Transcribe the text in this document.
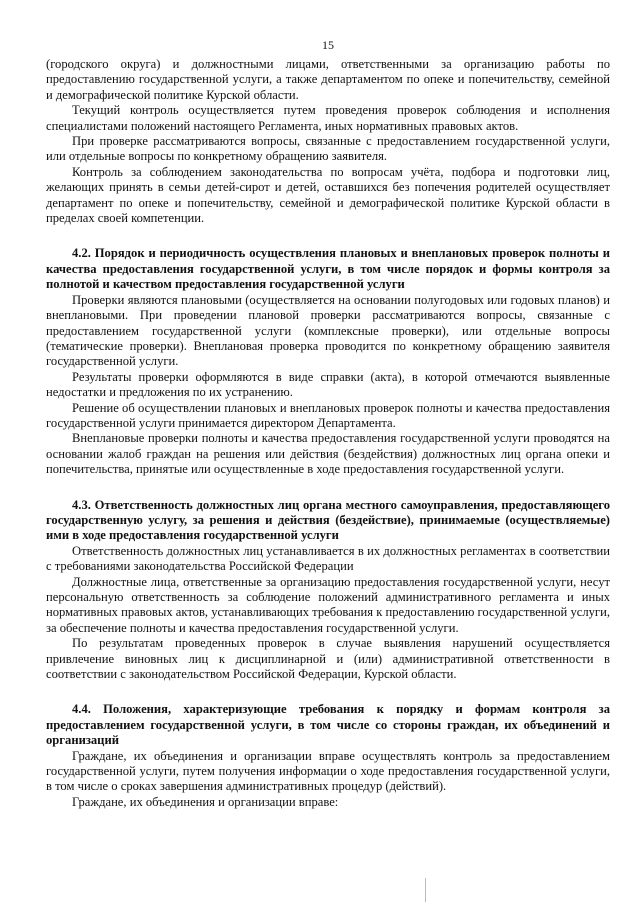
15
(городского округа) и должностными лицами, ответственными за организацию работы по предоставлению государственной услуги, а также департаментом по опеке и попечительству, семейной и демографической политике Курской области.
Текущий контроль осуществляется путем проведения проверок соблюдения и исполнения специалистами положений настоящего Регламента, иных нормативных правовых актов.
При проверке рассматриваются вопросы, связанные с предоставлением государственной услуги, или отдельные вопросы по конкретному обращению заявителя.
Контроль за соблюдением законодательства по вопросам учёта, подбора и подготовки лиц, желающих принять в семьи детей-сирот и детей, оставшихся без попечения родителей осуществляет департамент по опеке и попечительству, семейной и демографической политике Курской области в пределах своей компетенции.
4.2. Порядок и периодичность осуществления плановых и внеплановых проверок полноты и качества предоставления государственной услуги, в том числе порядок и формы контроля за полнотой и качеством предоставления государственной услуги
Проверки являются плановыми (осуществляется на основании полугодовых или годовых планов) и внеплановыми. При проведении плановой проверки рассматриваются вопросы, связанные с предоставлением государственной услуги (комплексные проверки), или отдельные вопросы (тематические проверки). Внеплановая проверка проводится по конкретному обращению заявителя государственной услуги.
Результаты проверки оформляются в виде справки (акта), в которой отмечаются выявленные недостатки и предложения по их устранению.
Решение об осуществлении плановых и внеплановых проверок полноты и качества предоставления государственной услуги принимается директором Департамента.
Внеплановые проверки полноты и качества предоставления государственной услуги проводятся на основании жалоб граждан на решения или действия (бездействия) должностных лиц органа опеки и попечительства, принятые или осуществленные в ходе предоставления государственной услуги.
4.3. Ответственность должностных лиц органа местного самоуправления, предоставляющего государственную услугу, за решения и действия (бездействие), принимаемые (осуществляемые) ими в ходе предоставления государственной услуги
Ответственность должностных лиц устанавливается в их должностных регламентах в соответствии с требованиями законодательства Российской Федерации
Должностные лица, ответственные за организацию предоставления государственной услуги, несут персональную ответственность за соблюдение положений административного регламента и иных нормативных правовых актов, устанавливающих требования к предоставлению государственной услуги, за обеспечение полноты и качества предоставления государственной услуги.
По результатам проведенных проверок в случае выявления нарушений осуществляется привлечение виновных лиц к дисциплинарной и (или) административной ответственности в соответствии с законодательством Российской Федерации, Курской области.
4.4. Положения, характеризующие требования к порядку и формам контроля за предоставлением государственной услуги, в том числе со стороны граждан, их объединений и организаций
Граждане, их объединения и организации вправе осуществлять контроль за предоставлением государственной услуги, путем получения информации о ходе предоставления государственной услуги, в том числе о сроках завершения административных процедур (действий).
Граждане, их объединения и организации вправе:
